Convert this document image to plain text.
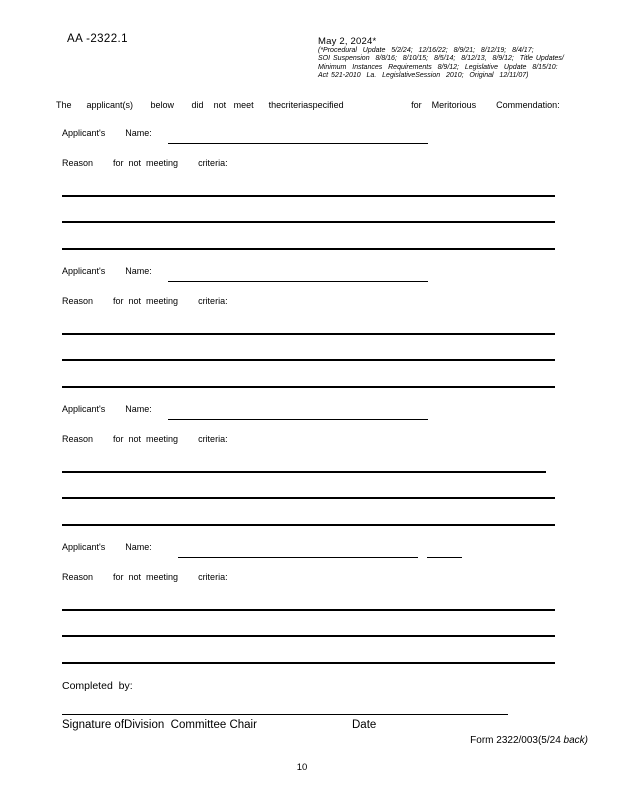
AA -2322.1	May 2, 2024*
(*Procedural  Update  5/2/24;  12/16/22;  8/9/21;  8/12/19;  8/4/17;
SOI Suspension  8/8/16;  8/10/15;  8/5/14;  8/12/13,  8/9/12;  Title Updates/
Minimum  Instances  Requirements  8/9/12;  Legislative  Update  8/15/10:
Act 521-2010  La.  LegislativeSession  2010;  Original  12/11/07)
The      applicant(s)       below       did    not   meet      thecriteriaspecified                           for    Meritorious        Commendation:
Applicant's        Name:
Reason        for  not  meeting        criteria:
Applicant's        Name:
Reason        for  not  meeting        criteria:
Applicant's        Name:
Reason        for  not  meeting        criteria:
Applicant's        Name:
Reason        for  not  meeting        criteria:
Completed  by:
Signature ofDivision  Committee Chair	Date
Form 2322/003(5/24 back)
10
